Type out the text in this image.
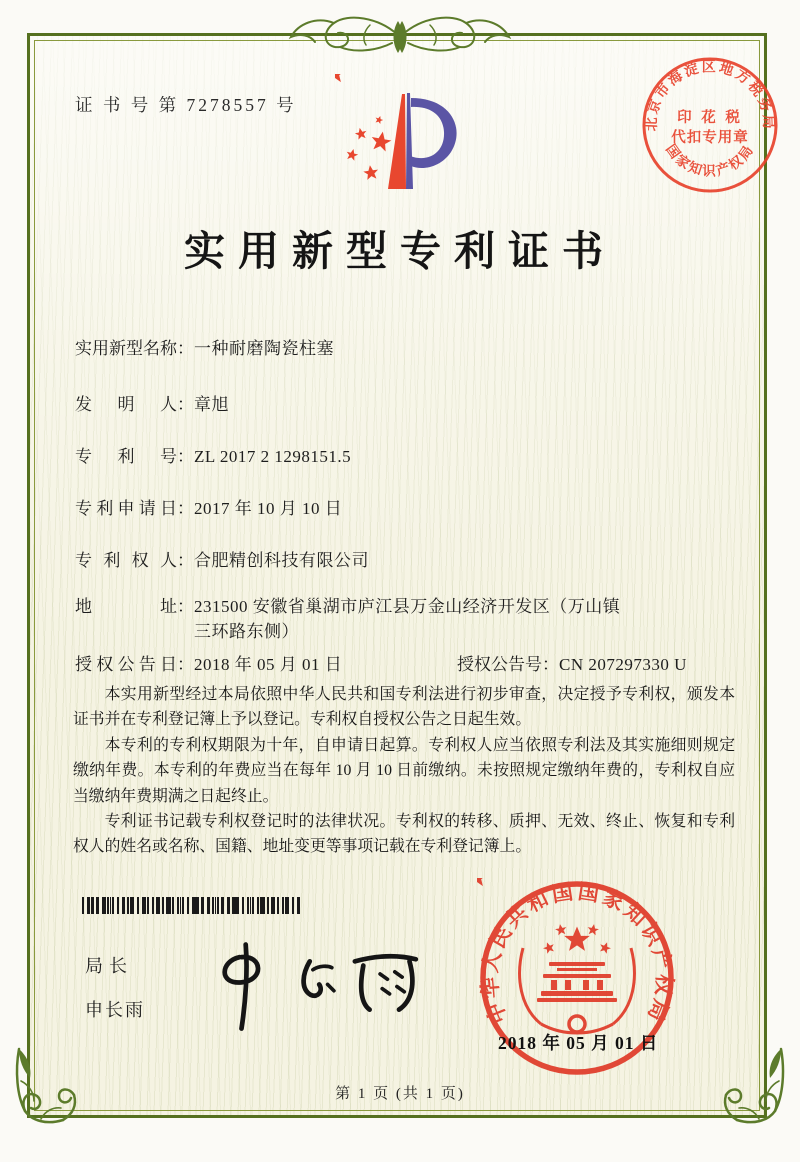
证 书 号 第 7278557 号
北京市海淀区地方税务局
印 花 税
代扣专用章
国家知识产权局
实用新型专利证书
实用新型名称：一种耐磨陶瓷柱塞
发明人：章旭
专利号：ZL 2017 2 1298151.5
专利申请日：2017 年 10 月 10 日
专利权人：合肥精创科技有限公司
地址：231500 安徽省巢湖市庐江县万金山经济开发区（万山镇
三环路东侧）
授权公告日：2018 年 05 月 01 日	授权公告号：CN 207297330 U

本实用新型经过本局依照中华人民共和国专利法进行初步审查，决定授予专利权，颁发本证书并在专利登记簿上予以登记。专利权自授权公告之日起生效。

本专利的专利权期限为十年，自申请日起算。专利权人应当依照专利法及其实施细则规定缴纳年费。本专利的年费应当在每年 10 月 10 日前缴纳。未按照规定缴纳年费的，专利权自应当缴纳年费期满之日起终止。

专利证书记载专利权登记时的法律状况。专利权的转移、质押、无效、终止、恢复和专利权人的姓名或名称、国籍、地址变更等事项记载在专利登记簿上。

局长
申长雨	中华人民共和国国家知识产权局
2018 年 05 月 01 日
第 1 页 (共 1 页)
